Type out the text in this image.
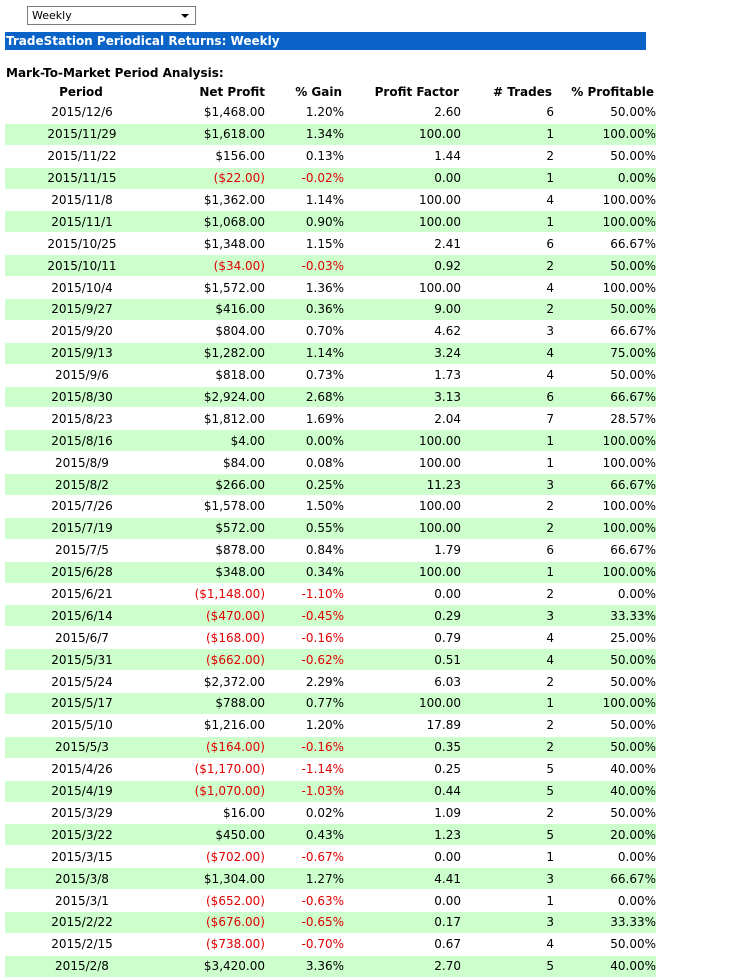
Weekly
TradeStation Periodical Returns: Weekly
Mark-To-Market Period Analysis:
Period	Net Profit	% Gain	Profit Factor	# Trades	% Profitable
2015/12/6	$1,468.00	1.20%	2.60	6	50.00%
2015/11/29	$1,618.00	1.34%	100.00	1	100.00%
2015/11/22	$156.00	0.13%	1.44	2	50.00%
2015/11/15	($22.00)	-0.02%	0.00	1	0.00%
2015/11/8	$1,362.00	1.14%	100.00	4	100.00%
2015/11/1	$1,068.00	0.90%	100.00	1	100.00%
2015/10/25	$1,348.00	1.15%	2.41	6	66.67%
2015/10/11	($34.00)	-0.03%	0.92	2	50.00%
2015/10/4	$1,572.00	1.36%	100.00	4	100.00%
2015/9/27	$416.00	0.36%	9.00	2	50.00%
2015/9/20	$804.00	0.70%	4.62	3	66.67%
2015/9/13	$1,282.00	1.14%	3.24	4	75.00%
2015/9/6	$818.00	0.73%	1.73	4	50.00%
2015/8/30	$2,924.00	2.68%	3.13	6	66.67%
2015/8/23	$1,812.00	1.69%	2.04	7	28.57%
2015/8/16	$4.00	0.00%	100.00	1	100.00%
2015/8/9	$84.00	0.08%	100.00	1	100.00%
2015/8/2	$266.00	0.25%	11.23	3	66.67%
2015/7/26	$1,578.00	1.50%	100.00	2	100.00%
2015/7/19	$572.00	0.55%	100.00	2	100.00%
2015/7/5	$878.00	0.84%	1.79	6	66.67%
2015/6/28	$348.00	0.34%	100.00	1	100.00%
2015/6/21	($1,148.00)	-1.10%	0.00	2	0.00%
2015/6/14	($470.00)	-0.45%	0.29	3	33.33%
2015/6/7	($168.00)	-0.16%	0.79	4	25.00%
2015/5/31	($662.00)	-0.62%	0.51	4	50.00%
2015/5/24	$2,372.00	2.29%	6.03	2	50.00%
2015/5/17	$788.00	0.77%	100.00	1	100.00%
2015/5/10	$1,216.00	1.20%	17.89	2	50.00%
2015/5/3	($164.00)	-0.16%	0.35	2	50.00%
2015/4/26	($1,170.00)	-1.14%	0.25	5	40.00%
2015/4/19	($1,070.00)	-1.03%	0.44	5	40.00%
2015/3/29	$16.00	0.02%	1.09	2	50.00%
2015/3/22	$450.00	0.43%	1.23	5	20.00%
2015/3/15	($702.00)	-0.67%	0.00	1	0.00%
2015/3/8	$1,304.00	1.27%	4.41	3	66.67%
2015/3/1	($652.00)	-0.63%	0.00	1	0.00%
2015/2/22	($676.00)	-0.65%	0.17	3	33.33%
2015/2/15	($738.00)	-0.70%	0.67	4	50.00%
2015/2/8	$3,420.00	3.36%	2.70	5	40.00%
